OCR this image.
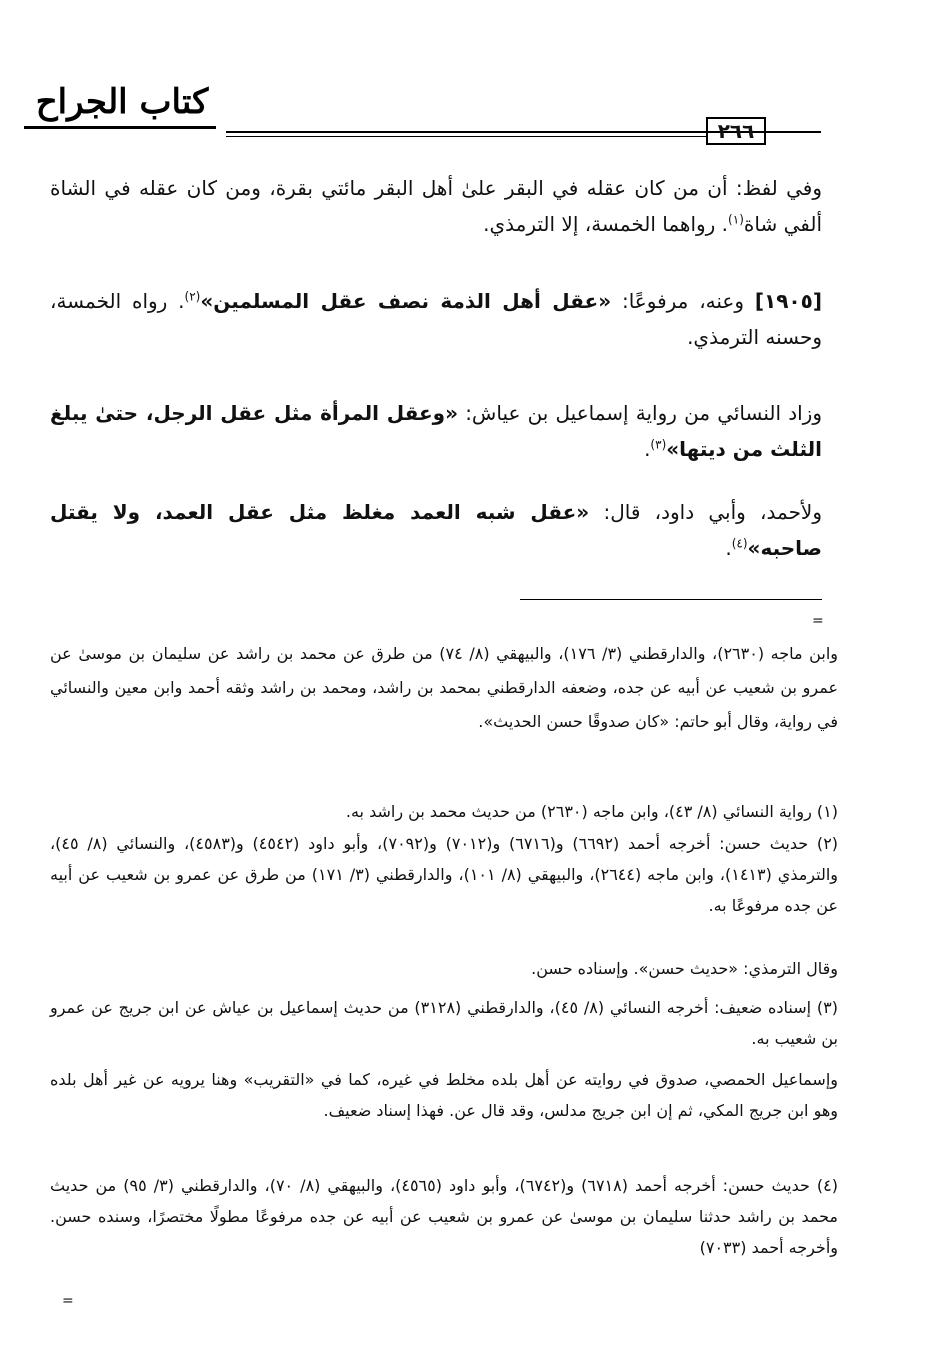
كتاب الجراح
٢٦٦
وفي لفظ: أن من كان عقله في البقر علىٰ أهل البقر مائتي بقرة، ومن كان عقله في الشاة ألفي شاة$^{(١)}$. رواهما الخمسة، إلا الترمذي.
[١٩٠٥] وعنه، مرفوعًا: «عقل أهل الذمة نصف عقل المسلمين»$^{(٢)}$. رواه الخمسة، وحسنه الترمذي.
وزاد النسائي من رواية إسماعيل بن عياش: «وعقل المرأة مثل عقل الرجل، حتىٰ يبلغ الثلث من ديتها»$^{(٣)}$.
ولأحمد، وأبي داود، قال: «عقل شبه العمد مغلظ مثل عقل العمد، ولا يقتل صاحبه»$^{(٤)}$.
=
وابن ماجه (٢٦٣٠)، والدارقطني (٣/ ١٧٦)، والبيهقي (٨/ ٧٤) من طرق عن محمد بن راشد عن سليمان بن موسىٰ عن عمرو بن شعيب عن أبيه عن جده، وضعفه الدارقطني بمحمد بن راشد، ومحمد بن راشد وثقه أحمد وابن معين والنسائي في رواية، وقال أبو حاتم: «كان صدوقًا حسن الحديث».
(١) رواية النسائي (٨/ ٤٣)، وابن ماجه (٢٦٣٠) من حديث محمد بن راشد به.
(٢) حديث حسن: أخرجه أحمد (٦٦٩٢) و(٦٧١٦) و(٧٠١٢) و(٧٠٩٢)، وأبو داود (٤٥٤٢) و(٤٥٨٣)، والنسائي (٨/ ٤٥)، والترمذي (١٤١٣)، وابن ماجه (٢٦٤٤)، والبيهقي (٨/ ١٠١)، والدارقطني (٣/ ١٧١) من طرق عن عمرو بن شعيب عن أبيه عن جده مرفوعًا به.
وقال الترمذي: «حديث حسن». وإسناده حسن.
(٣) إسناده ضعيف: أخرجه النسائي (٨/ ٤٥)، والدارقطني (٣١٢٨) من حديث إسماعيل بن عياش عن ابن جريج عن عمرو بن شعيب به.
وإسماعيل الحمصي، صدوق في روايته عن أهل بلده مخلط في غيره، كما في «التقريب» وهنا يرويه عن غير أهل بلده وهو ابن جريج المكي، ثم إن ابن جريج مدلس، وقد قال عن. فهذا إسناد ضعيف.
(٤) حديث حسن: أخرجه أحمد (٦٧١٨) و(٦٧٤٢)، وأبو داود (٤٥٦٥)، والبيهقي (٨/ ٧٠)، والدارقطني (٣/ ٩٥) من حديث محمد بن راشد حدثنا سليمان بن موسىٰ عن عمرو بن شعيب عن أبيه عن جده مرفوعًا مطولًا مختصرًا، وسنده حسن. وأخرجه أحمد (٧٠٣٣)
=
